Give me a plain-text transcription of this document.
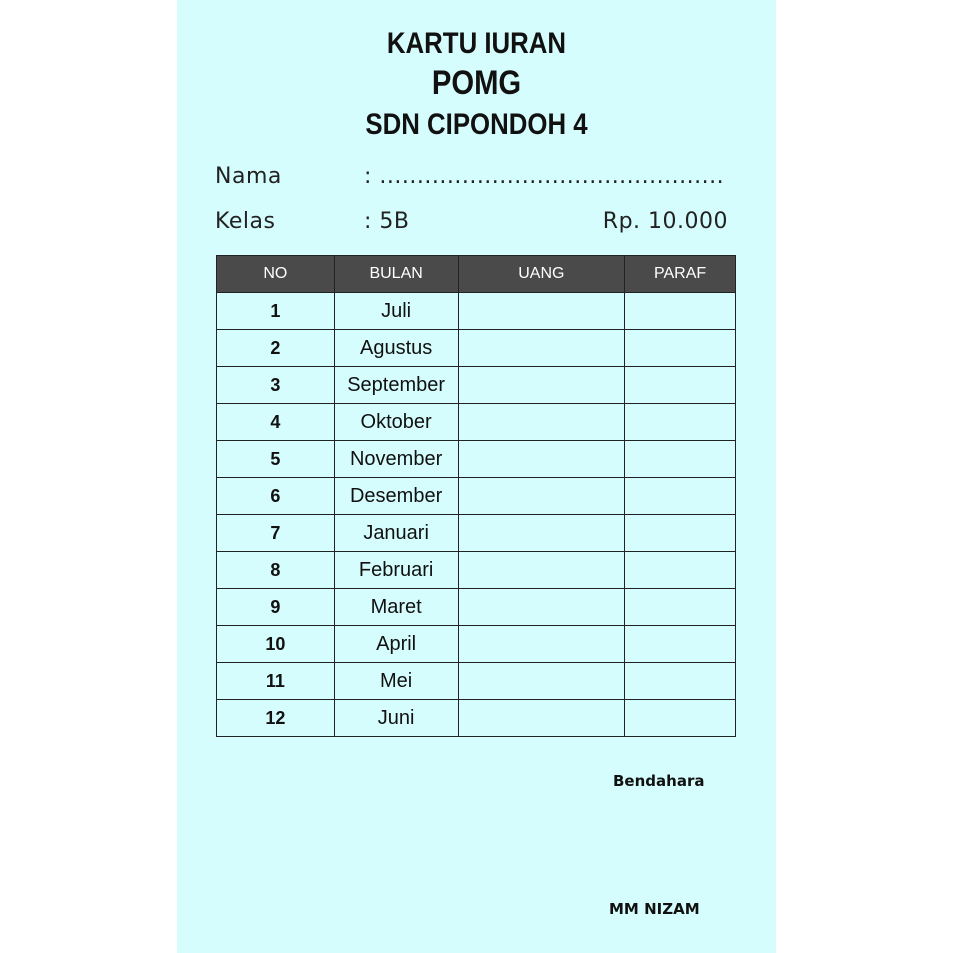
KARTU IURAN
POMG
SDN CIPONDOH 4
Nama	: ..............................................
Kelas	: 5B	Rp. 10.000
NO	BULAN	UANG	PARAF
1	Juli		
2	Agustus		
3	September		
4	Oktober		
5	November		
6	Desember		
7	Januari		
8	Februari		
9	Maret		
10	April		
11	Mei		
12	Juni		
Bendahara
MM NIZAM
